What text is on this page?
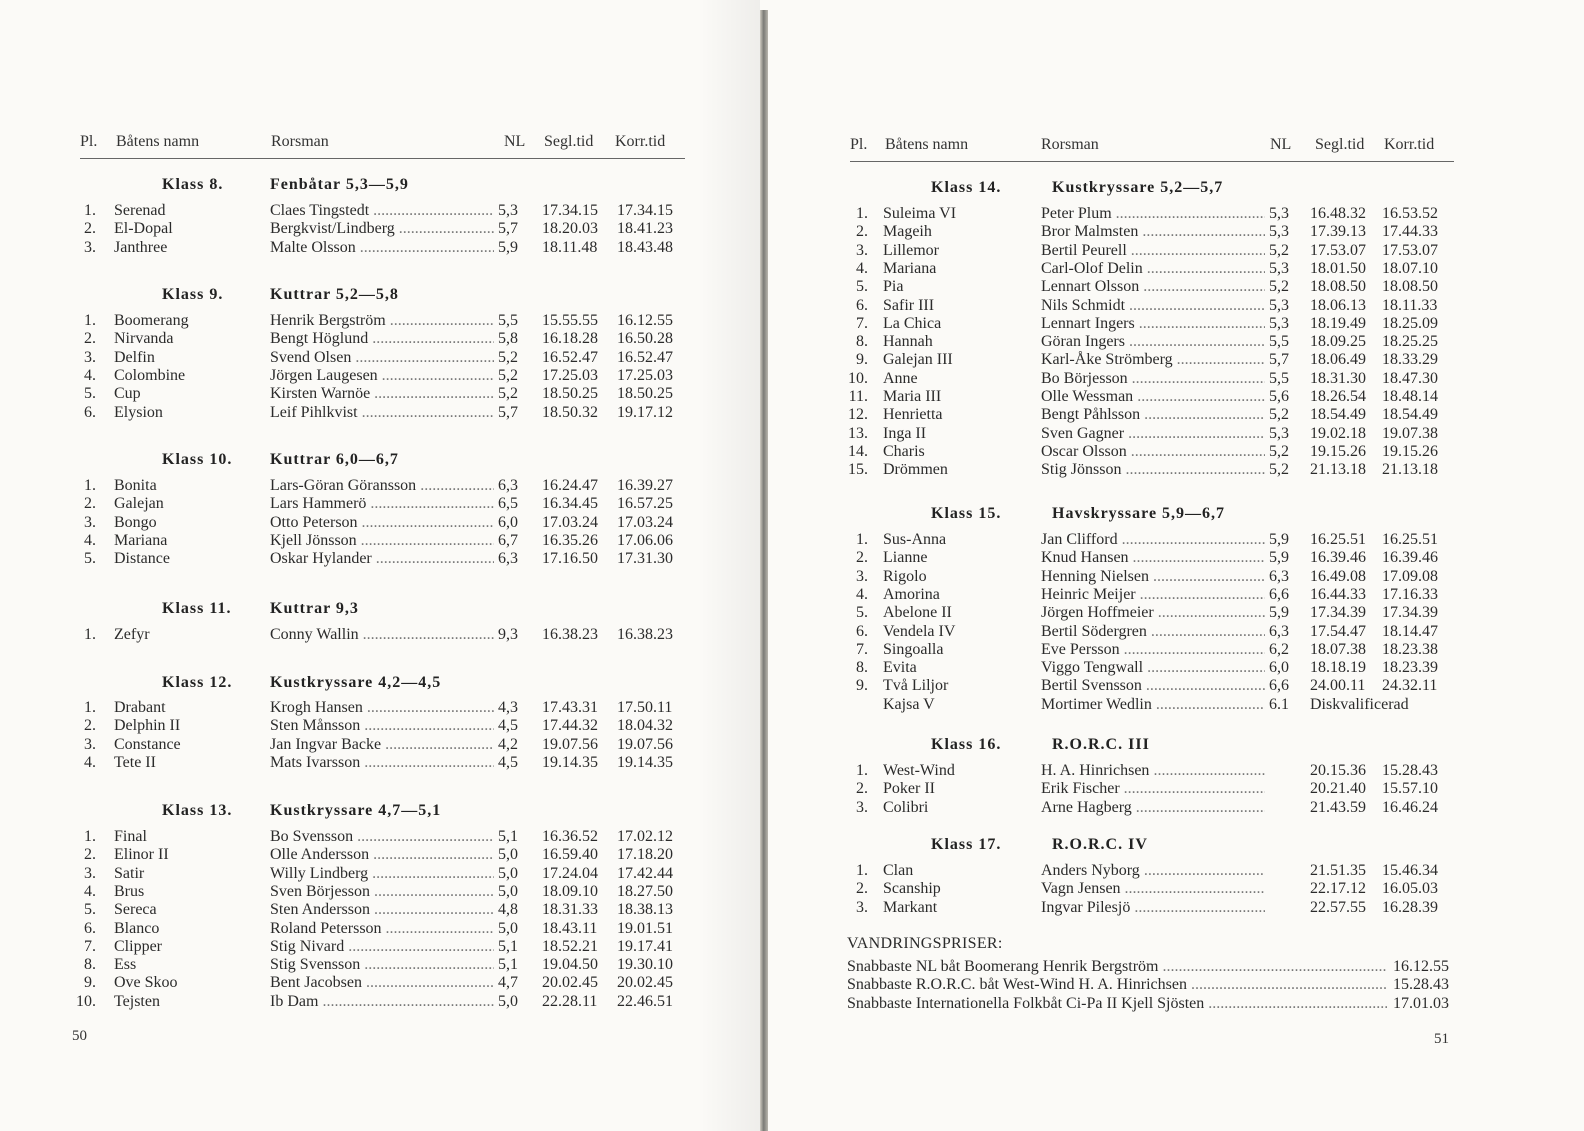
Pl. Båtens namn	Rorsman	NL Segl.tid Korr.tid
50
Klass 8.	Fenbåtar 5,3—5,9
1. Serenad	Claes Tingstedt .....	5,3 17.34.15 17.34.15
2. El-Dopal	Bergkvist/Lindberg .....	5,7 18.20.03 18.41.23
3. Janthree	Malte Olsson .....	5,9 18.11.48 18.43.48
Klass 9.	Kuttrar 5,2—5,8
1. Boomerang	Henrik Bergström .....	5,5 15.55.55 16.12.55
2. Nirvanda	Bengt Höglund .....	5,8 16.18.28 16.50.28
3. Delfin	Svend Olsen .....	5,2 16.52.47 16.52.47
4. Colombine	Jörgen Laugesen .....	5,2 17.25.03 17.25.03
5. Cup	Kirsten Warnöe .....	5,2 18.50.25 18.50.25
6. Elysion	Leif Pihlkvist .....	5,7 18.50.32 19.17.12
Klass 10. Kuttrar 6,0—6,7
1. Bonita	Lars-Göran Göransson .....	6,3 16.24.47 16.39.27
2. Galejan	Lars Hammerö .....	6,5 16.34.45 16.57.25
3. Bongo	Otto Peterson .....	6,0 17.03.24 17.03.24
4. Mariana	Kjell Jönsson .....	6,7 16.35.26 17.06.06
5. Distance	Oskar Hylander .....	6,3 17.16.50 17.31.30
Klass 11. Kuttrar 9,3
1. Zefyr	Conny Wallin .....	9,3 16.38.23 16.38.23
Klass 12. Kustkryssare 4,2—4,5
1. Drabant	Krogh Hansen .....	4,3 17.43.31 17.50.11
2. Delphin II	Sten Månsson .....	4,5 17.44.32 18.04.32
3. Constance	Jan Ingvar Backe .....	4,2 19.07.56 19.07.56
4. Tete II	Mats Ivarsson .....	4,5 19.14.35 19.14.35
Klass 13. Kustkryssare 4,7—5,1
1. Final	Bo Svensson .....	5,1 16.36.52 17.02.12
2. Elinor II	Olle Andersson .....	5,0 16.59.40 17.18.20
3. Satir	Willy Lindberg .....	5,0 17.24.04 17.42.44
4. Brus	Sven Börjesson .....	5,0 18.09.10 18.27.50
5. Sereca	Sten Andersson .....	4,8 18.31.33 18.38.13
6. Blanco	Roland Petersson .....	5,0 18.43.11 19.01.51
7. Clipper	Stig Nivard .....	5,1 18.52.21 19.17.41
8. Ess	Stig Svensson .....	5,1 19.04.50 19.30.10
9. Ove Skoo	Bent Jacobsen .....	4,7 20.02.45 20.02.45
10. Tejsten	Ib Dam .....	5,0 22.28.11 22.46.51
Pl. Båtens namn	Rorsman	NL Segl.tid Korr.tid
VANDRINGSPRISER:
Snabbaste NL båt Boomerang Henrik Bergström .....	16.12.55
Snabbaste R.O.R.C. båt West-Wind H. A. Hinrichsen .....	15.28.43
Snabbaste Internationella Folkbåt Ci-Pa II Kjell Sjösten .....	17.01.03
51
Klass 14.	Kustkryssare 5,2—5,7
1. Suleima VI	Peter Plum .....	5,3 16.48.32 16.53.52
2. Mageih	Bror Malmsten .....	5,3 17.39.13 17.44.33
3. Lillemor	Bertil Peurell .....	5,2 17.53.07 17.53.07
4. Mariana	Carl-Olof Delin .....	5,3 18.01.50 18.07.10
5. Pia	Lennart Olsson .....	5,2 18.08.50 18.08.50
6. Safir III	Nils Schmidt .....	5,3 18.06.13 18.11.33
7. La Chica	Lennart Ingers .....	5,3 18.19.49 18.25.09
8. Hannah	Göran Ingers .....	5,5 18.09.25 18.25.25
9. Galejan III	Karl-Åke Strömberg .....	5,7 18.06.49 18.33.29
10. Anne	Bo Börjesson .....	5,5 18.31.30 18.47.30
11. Maria III	Olle Wessman .....	5,6 18.26.54 18.48.14
12. Henrietta	Bengt Påhlsson .....	5,2 18.54.49 18.54.49
13. Inga II	Sven Gagner .....	5,3 19.02.18 19.07.38
14. Charis	Oscar Olsson .....	5,2 19.15.26 19.15.26
15. Drömmen	Stig Jönsson .....	5,2 21.13.18 21.13.18
Klass 15.	Havskryssare 5,9—6,7
1. Sus-Anna	Jan Clifford .....	5,9 16.25.51 16.25.51
2. Lianne	Knud Hansen .....	5,9 16.39.46 16.39.46
3. Rigolo	Henning Nielsen .....	6,3 16.49.08 17.09.08
4. Amorina	Heinric Meijer .....	6,6 16.44.33 17.16.33
5. Abelone II	Jörgen Hoffmeier .....	5,9 17.34.39 17.34.39
6. Vendela IV	Bertil Södergren .....	6,3 17.54.47 18.14.47
7. Singoalla	Eve Persson .....	6,2 18.07.38 18.23.38
8. Evita	Viggo Tengwall .....	6,0 18.18.19 18.23.39
9. Två Liljor	Bertil Svensson .....	6,6 24.00.11 24.32.11
Kajsa V	Mortimer Wedlin .....	6.1 Diskvalificerad
Klass 16.	R.O.R.C. III
1. West-Wind	H. A. Hinrichsen .....	20.15.36 15.28.43
2. Poker II	Erik Fischer .....	20.21.40 15.57.10
3. Colibri	Arne Hagberg .....	21.43.59 16.46.24
Klass 17.	R.O.R.C. IV
1. Clan	Anders Nyborg .....	21.51.35 15.46.34
2. Scanship	Vagn Jensen .....	22.17.12 16.05.03
3. Markant	Ingvar Pilesjö .....	22.57.55 16.28.39
